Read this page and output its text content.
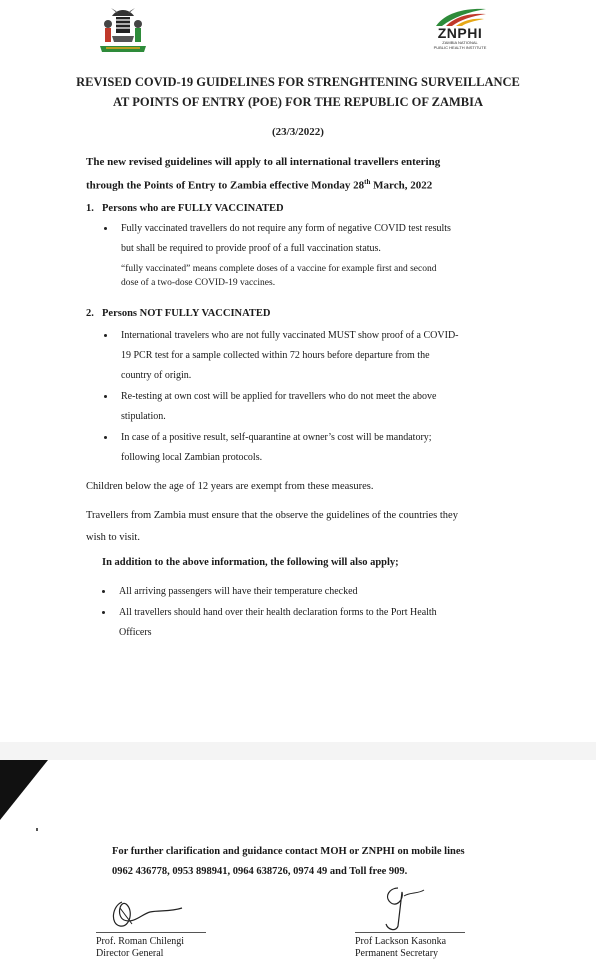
ZNPHI
ZAMBIA NATIONAL
PUBLIC HEALTH INSTITUTE
REVISED COVID-19 GUIDELINES FOR STRENGHTENING SURVEILLANCE
AT POINTS OF ENTRY (POE) FOR THE REPUBLIC OF ZAMBIA
(23/3/2022)
The new revised guidelines will apply to all international travellers entering
through the Points of Entry to Zambia effective Monday 28th March, 2022
1. Persons who are FULLY VACCINATED
Fully vaccinated travellers do not require any form of negative COVID test results
but shall be required to provide proof of a full vaccination status.
“fully vaccinated” means complete doses of a vaccine for example first and second
dose of a two-dose COVID-19 vaccines.
2. Persons NOT FULLY VACCINATED
International travelers who are not fully vaccinated MUST show proof of a COVID-
19 PCR test for a sample collected within 72 hours before departure from the
country of origin.
Re-testing at own cost will be applied for travellers who do not meet the above
stipulation.
In case of a positive result, self-quarantine at owner’s cost will be mandatory;
following local Zambian protocols.
Children below the age of 12 years are exempt from these measures.
Travellers from Zambia must ensure that the observe the guidelines of the countries they
wish to visit.
In addition to the above information, the following will also apply;
All arriving passengers will have their temperature checked
All travellers should hand over their health declaration forms to the Port Health
Officers
For further clarification and guidance contact MOH or ZNPHI on mobile lines
0962 436778, 0953 898941, 0964 638726, 0974 49 and Toll free 909.
Prof. Roman Chilengi
Director General
Prof Lackson Kasonka
Permanent Secretary
